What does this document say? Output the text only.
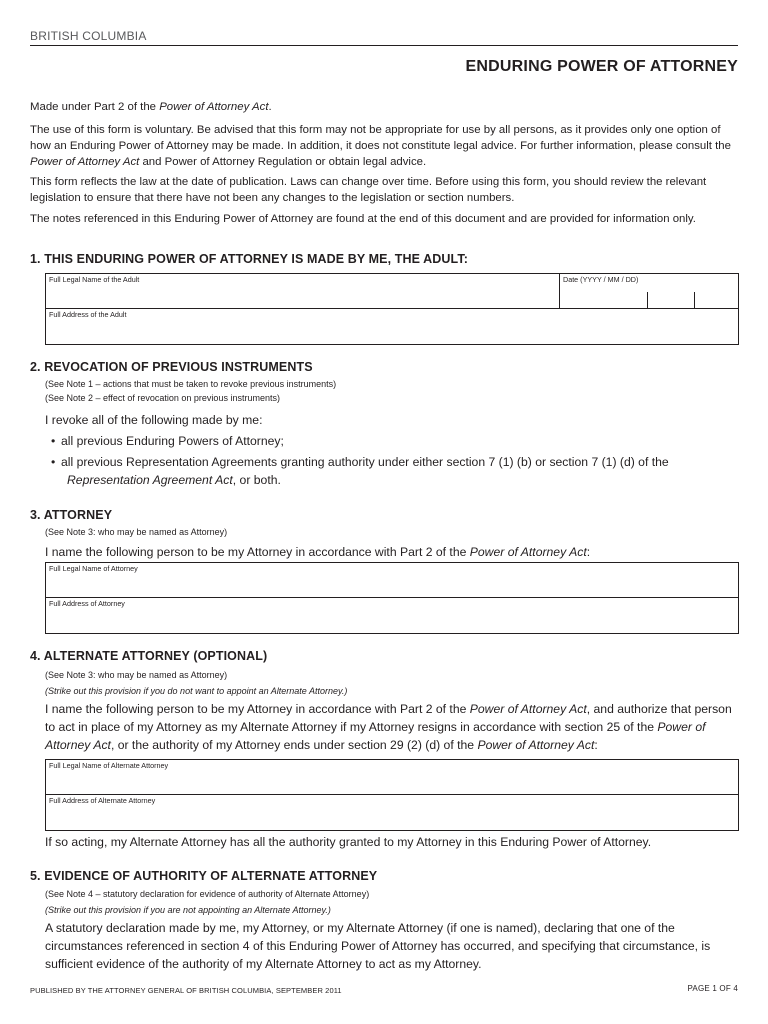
BRITISH COLUMBIA
ENDURING POWER OF ATTORNEY
Made under Part 2 of the Power of Attorney Act.
The use of this form is voluntary. Be advised that this form may not be appropriate for use by all persons, as it provides only one option of how an Enduring Power of Attorney may be made. In addition, it does not constitute legal advice. For further information, please consult the Power of Attorney Act and Power of Attorney Regulation or obtain legal advice.
This form reflects the law at the date of publication. Laws can change over time. Before using this form, you should review the relevant legislation to ensure that there have not been any changes to the legislation or section numbers.
The notes referenced in this Enduring Power of Attorney are found at the end of this document and are provided for information only.
1. THIS ENDURING POWER OF ATTORNEY IS MADE BY ME, THE ADULT:
Full Legal Name of the Adult	Date (YYYY / MM / DD)
Full Address of the Adult
2. REVOCATION OF PREVIOUS INSTRUMENTS
(See Note 1 – actions that must be taken to revoke previous instruments)
(See Note 2 – effect of revocation on previous instruments)
I revoke all of the following made by me:
• all previous Enduring Powers of Attorney;
• all previous Representation Agreements granting authority under either section 7 (1) (b) or section 7 (1) (d) of the
Representation Agreement Act, or both.
3. ATTORNEY
(See Note 3: who may be named as Attorney)
I name the following person to be my Attorney in accordance with Part 2 of the Power of Attorney Act:
Full Legal Name of Attorney
Full Address of Attorney
4. ALTERNATE ATTORNEY (OPTIONAL)
(See Note 3: who may be named as Attorney)
(Strike out this provision if you do not want to appoint an Alternate Attorney.)
I name the following person to be my Attorney in accordance with Part 2 of the Power of Attorney Act, and authorize that person to act in place of my Attorney as my Alternate Attorney if my Attorney resigns in accordance with section 25 of the Power of Attorney Act, or the authority of my Attorney ends under section 29 (2) (d) of the Power of Attorney Act:
Full Legal Name of Alternate Attorney
Full Address of Alternate Attorney
If so acting, my Alternate Attorney has all the authority granted to my Attorney in this Enduring Power of Attorney.
5. EVIDENCE OF AUTHORITY OF ALTERNATE ATTORNEY
(See Note 4 – statutory declaration for evidence of authority of Alternate Attorney)
(Strike out this provision if you are not appointing an Alternate Attorney.)
A statutory declaration made by me, my Attorney, or my Alternate Attorney (if one is named), declaring that one of the circumstances referenced in section 4 of this Enduring Power of Attorney has occurred, and specifying that circumstance, is sufficient evidence of the authority of my Alternate Attorney to act as my Attorney.
PUBLISHED BY THE ATTORNEY GENERAL OF BRITISH COLUMBIA, SEPTEMBER 2011	PAGE 1 OF 4
